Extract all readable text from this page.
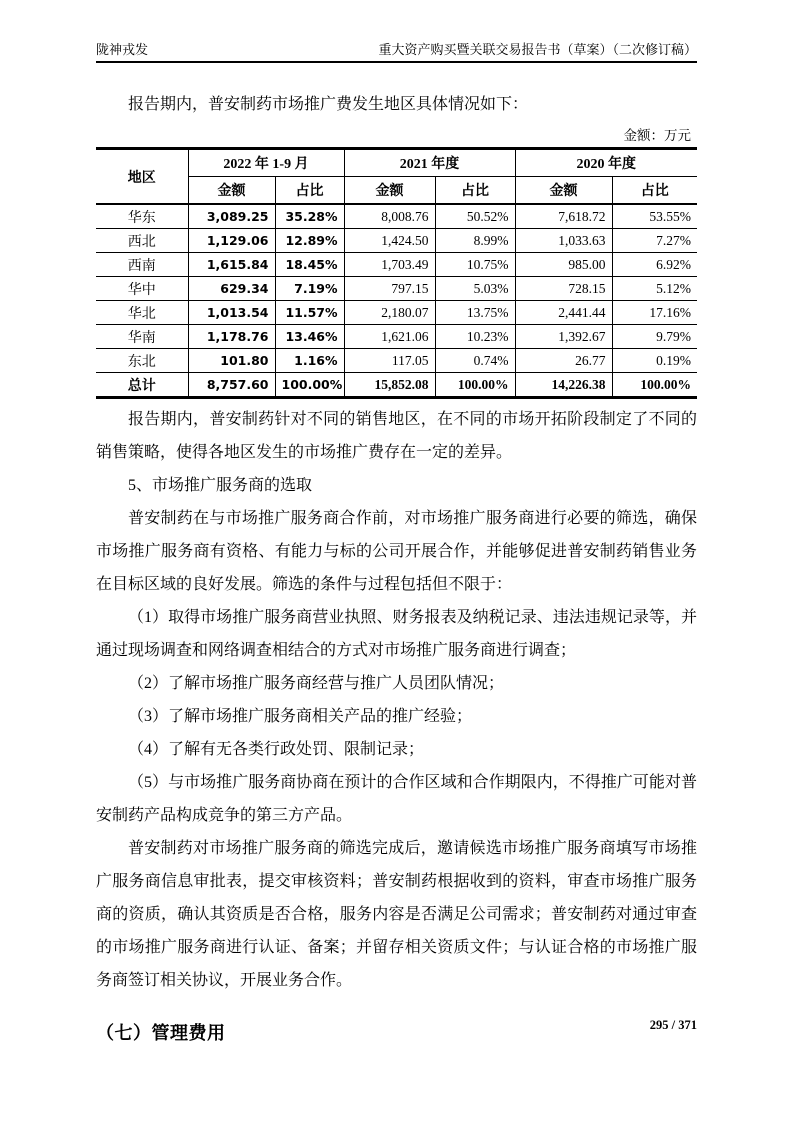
陇神戎发	重大资产购买暨关联交易报告书（草案）（二次修订稿）

报告期内，普安制药市场推广费发生地区具体情况如下：

金额：万元
地区	2022 年 1-9 月		2021 年度		2020 年度	
	金额	占比	金额	占比	金额	占比
华东	3,089.25	35.28%	8,008.76	50.52%	7,618.72	53.55%
西北	1,129.06	12.89%	1,424.50	8.99%	1,033.63	7.27%
西南	1,615.84	18.45%	1,703.49	10.75%	985.00	6.92%
华中	629.34	7.19%	797.15	5.03%	728.15	5.12%
华北	1,013.54	11.57%	2,180.07	13.75%	2,441.44	17.16%
华南	1,178.76	13.46%	1,621.06	10.23%	1,392.67	9.79%
东北	101.80	1.16%	117.05	0.74%	26.77	0.19%
总计	8,757.60	100.00%	15,852.08	100.00%	14,226.38	100.00%

报告期内，普安制药针对不同的销售地区，在不同的市场开拓阶段制定了不同的销售策略，使得各地区发生的市场推广费存在一定的差异。

5、市场推广服务商的选取

普安制药在与市场推广服务商合作前，对市场推广服务商进行必要的筛选，确保市场推广服务商有资格、有能力与标的公司开展合作，并能够促进普安制药销售业务在目标区域的良好发展。筛选的条件与过程包括但不限于：

（1）取得市场推广服务商营业执照、财务报表及纳税记录、违法违规记录等，并通过现场调查和网络调查相结合的方式对市场推广服务商进行调查；

（2）了解市场推广服务商经营与推广人员团队情况；

（3）了解市场推广服务商相关产品的推广经验；

（4）了解有无各类行政处罚、限制记录；

（5）与市场推广服务商协商在预计的合作区域和合作期限内，不得推广可能对普安制药产品构成竞争的第三方产品。

普安制药对市场推广服务商的筛选完成后，邀请候选市场推广服务商填写市场推广服务商信息审批表，提交审核资料；普安制药根据收到的资料，审查市场推广服务商的资质，确认其资质是否合格，服务内容是否满足公司需求；普安制药对通过审查的市场推广服务商进行认证、备案；并留存相关资质文件；与认证合格的市场推广服务商签订相关协议，开展业务合作。

（七）管理费用	295 / 371
